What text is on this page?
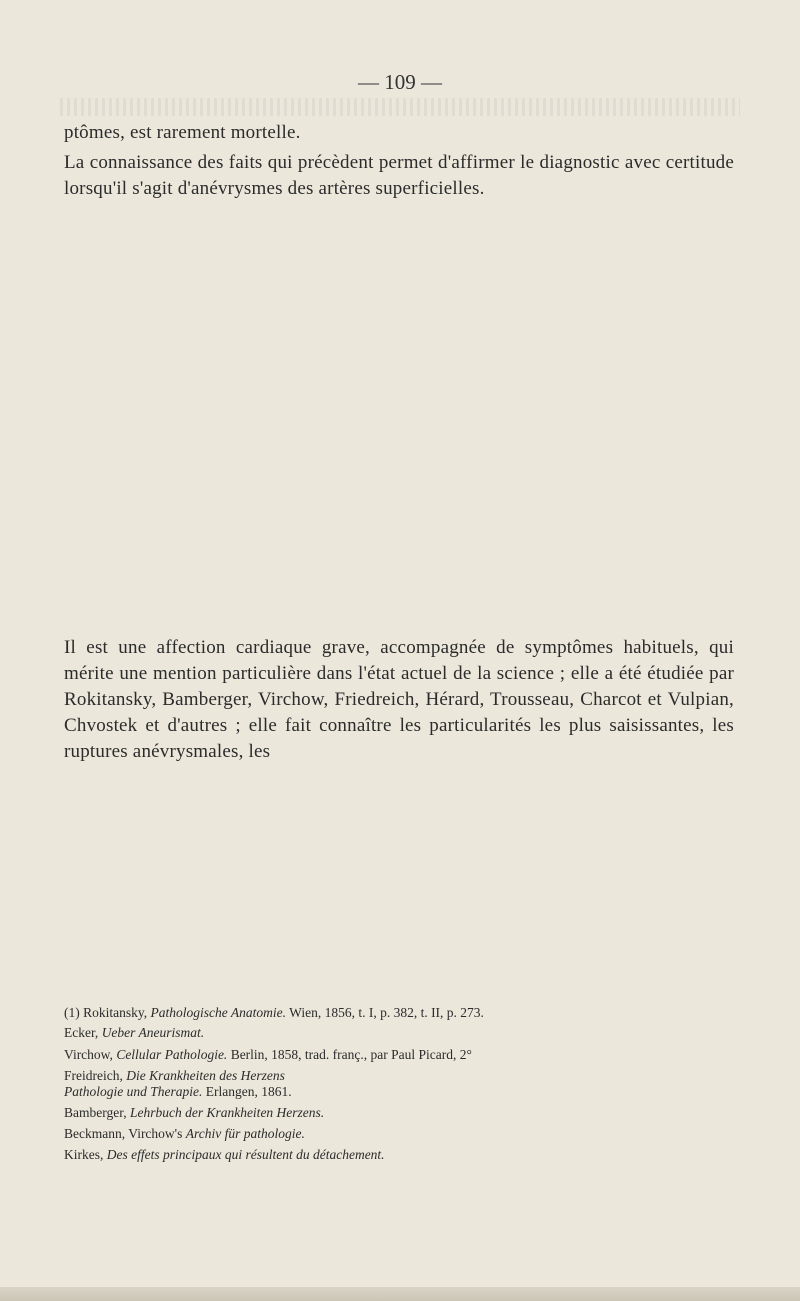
— 109 —

ptômes, est rarement mortelle.

La connaissance des faits qui précèdent permet d'affirmer le diagnostic avec certitude lorsqu'il s'agit d'anévrysmes des artères superficielles.

Il est une affection cardiaque grave, accompagnée de symptômes habituels, qui mérite une mention particulière dans l'état actuel de la science ; elle a été étudiée par Rokitansky, Bamberger, Virchow, Friedreich, Hérard, Trousseau, Charcot et Vulpian, Chvostek et d'autres ; elle fait connaître les particularités les plus saisissantes, les ruptures anévrysmales, les

(1) Rokitansky, Pathologische Anatomie. Wien, 1856, t. I, p. 382, t. II, p. 273.

Ecker, Ueber Aneurismat.

Virchow, Cellular Pathologie. Berlin, 1858, trad. franç., par Paul Picard, 2°

Freidreich, Die Krankheiten des Herzens
Pathologie und Therapie. Erlangen, 1861.

Bamberger, Lehrbuch der Krankheiten Herzens.

Beckmann, Virchow's Archiv für pathologie.

Kirkes, Des effets principaux qui résultent du détachement.
